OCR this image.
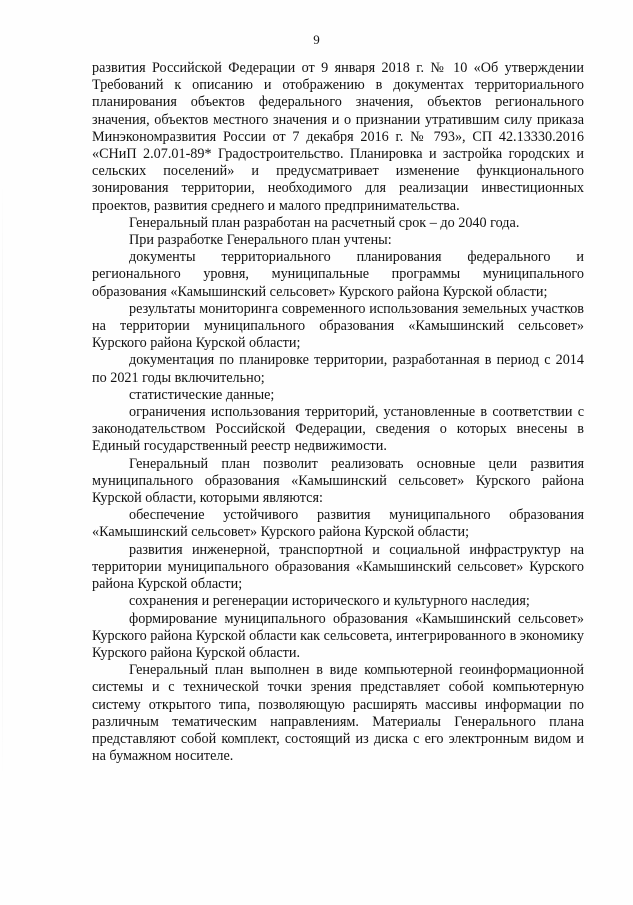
9

развития Российской Федерации от 9 января 2018 г. № 10 «Об утверждении Требований к описанию и отображению в документах территориального планирования объектов федерального значения, объектов регионального значения, объектов местного значения и о признании утратившим силу приказа Минэкономразвития России от 7 декабря 2016 г. № 793», СП 42.13330.2016 «СНиП 2.07.01-89* Градостроительство. Планировка и застройка городских и сельских поселений» и предусматривает изменение функционального зонирования территории, необходимого для реализации инвестиционных проектов, развития среднего и малого предпринимательства.

Генеральный план разработан на расчетный срок – до 2040 года.

При разработке Генерального план учтены:

документы территориального планирования федерального и регионального уровня, муниципальные программы муниципального образования «Камышинский сельсовет» Курского района Курской области;

результаты мониторинга современного использования земельных участков на территории муниципального образования «Камышинский сельсовет» Курского района Курской области;

документация по планировке территории, разработанная в период с 2014 по 2021 годы включительно;

статистические данные;

ограничения использования территорий, установленные в соответствии с законодательством Российской Федерации, сведения о которых внесены в Единый государственный реестр недвижимости.

Генеральный план позволит реализовать основные цели развития муниципального образования «Камышинский сельсовет» Курского района Курской области, которыми являются:

обеспечение устойчивого развития муниципального образования «Камышинский сельсовет» Курского района Курской области;

развития инженерной, транспортной и социальной инфраструктур на территории муниципального образования «Камышинский сельсовет» Курского района Курской области;

сохранения и регенерации исторического и культурного наследия;

формирование муниципального образования «Камышинский сельсовет» Курского района Курской области как сельсовета, интегрированного в экономику Курского района Курской области.

Генеральный план выполнен в виде компьютерной геоинформационной системы и с технической точки зрения представляет собой компьютерную систему открытого типа, позволяющую расширять массивы информации по различным тематическим направлениям. Материалы Генерального плана представляют собой комплект, состоящий из диска с его электронным видом и на бумажном носителе.
